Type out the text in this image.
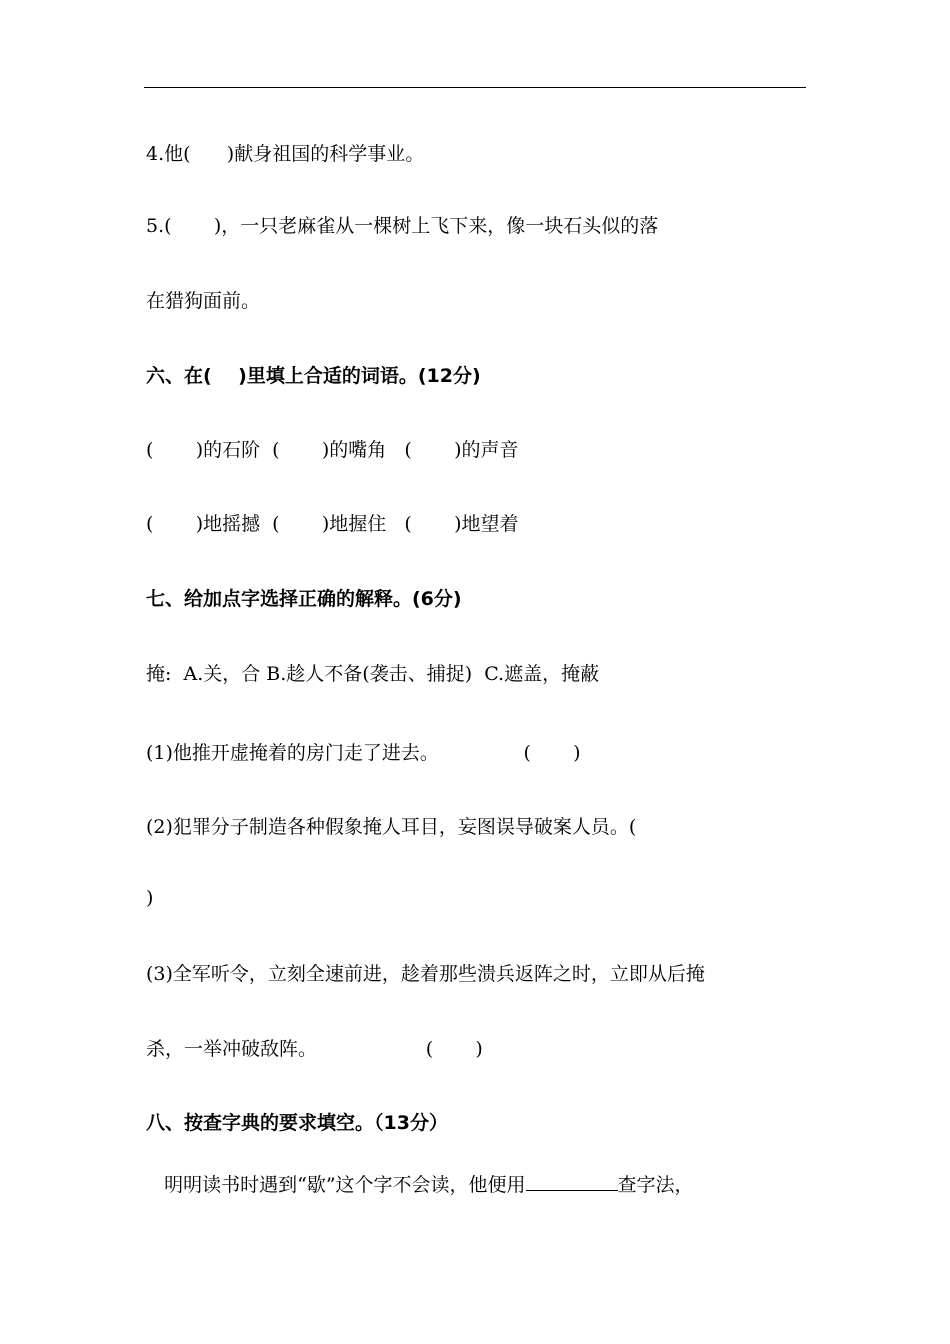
4.他(      )献身祖国的科学事业。
5.(       )，一只老麻雀从一棵树上飞下来，像一块石头似的落
在猎狗面前。
六、在(    )里填上合适的词语。(12分)
(       )的石阶  (       )的嘴角   (       )的声音
(       )地摇撼  (       )地握住   (       )地望着
七、给加点字选择正确的解释。(6分)
掩:  A.关，合 B.趁人不备(袭击、捕捉)  C.遮盖，掩蔽
(1)他推开虚掩着的房门走了进去。              (       )
(2)犯罪分子制造各种假象掩人耳目，妄图误导破案人员。(
)
(3)全军听令，立刻全速前进，趁着那些溃兵返阵之时，立即从后掩
杀，一举冲破敌阵。                  (       )
八、按查字典的要求填空。（13分）
明明读书时遇到“歇”这个字不会读，他便用	查字法，
